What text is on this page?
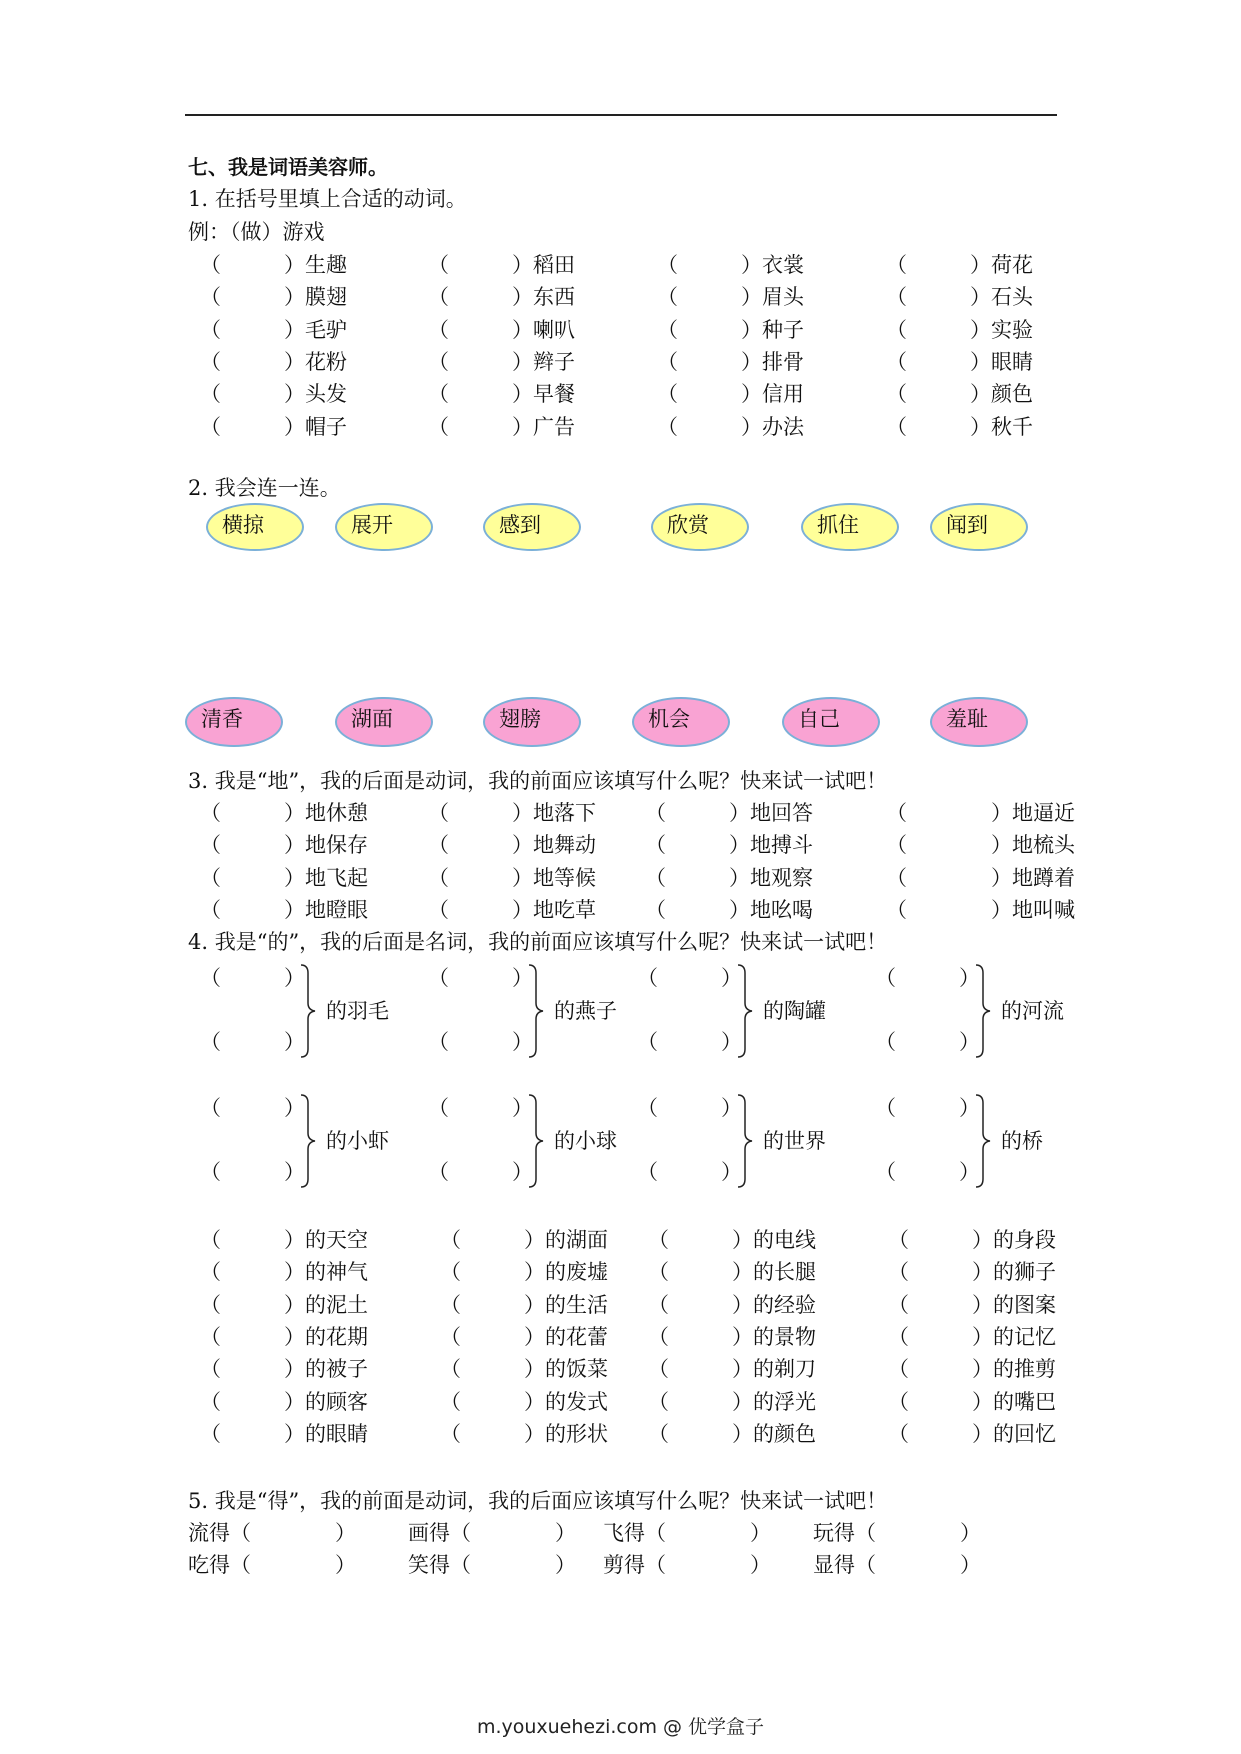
七、我是词语美容师。
1. 在括号里填上合适的动词。
例：（做）游戏
（　　　）生趣	（　　　）稻田	（　　　）衣裳	（　　　）荷花
（　　　）膜翅	（　　　）东西	（　　　）眉头	（　　　）石头
（　　　）毛驴	（　　　）喇叭	（　　　）种子	（　　　）实验
（　　　）花粉	（　　　）辫子	（　　　）排骨	（　　　）眼睛
（　　　）头发	（　　　）早餐	（　　　）信用	（　　　）颜色
（　　　）帽子	（　　　）广告	（　　　）办法	（　　　）秋千
2. 我会连一连。
横掠	展开	感到	欣赏	抓住	闻到
清香	湖面	翅膀	机会	自己	羞耻
3. 我是“地”，我的后面是动词，我的前面应该填写什么呢？快来试一试吧！
（　　　）地休憩	（　　　）地落下 （　　　）地回答	（　　　　）地逼近
（　　　）地保存	（　　　）地舞动 （　　　）地搏斗	（　　　　）地梳头
（　　　）地飞起	（　　　）地等候 （　　　）地观察	（　　　　）地蹲着
（　　　）地瞪眼	（　　　）地吃草 （　　　）地吆喝	（　　　　）地叫喊
4. 我是“的”，我的后面是名词，我的前面应该填写什么呢？快来试一试吧！
（　　　）
（　　　）
的羽毛
（　　　）
（　　　）
的燕子
（　　　）
（　　　）
的陶罐
（　　　）
（　　　）
的河流
（　　　）
（　　　）
的小虾
（　　　）
（　　　）
的小球
（　　　）
（　　　）
的世界
（　　　）
（　　　）
的桥
（　　　）的天空	（　　　）的湖面 （　　　）的电线	（　　　）的身段
（　　　）的神气	（　　　）的废墟 （　　　）的长腿	（　　　）的狮子
（　　　）的泥土	（　　　）的生活 （　　　）的经验	（　　　）的图案
（　　　）的花期	（　　　）的花蕾 （　　　）的景物	（　　　）的记忆
（　　　）的被子	（　　　）的饭菜 （　　　）的剃刀	（　　　）的推剪
（　　　）的顾客	（　　　）的发式 （　　　）的浮光	（　　　）的嘴巴
（　　　）的眼睛	（　　　）的形状 （　　　）的颜色	（　　　）的回忆
5. 我是“得”，我的前面是动词，我的后面应该填写什么呢？快来试一试吧！
流得（　　　　） 画得（　　　　） 飞得（　　　　） 玩得（　　　　）
吃得（　　　　） 笑得（　　　　） 剪得（　　　　） 显得（　　　　）
m.youxuehezi.com @ 优学盒子
